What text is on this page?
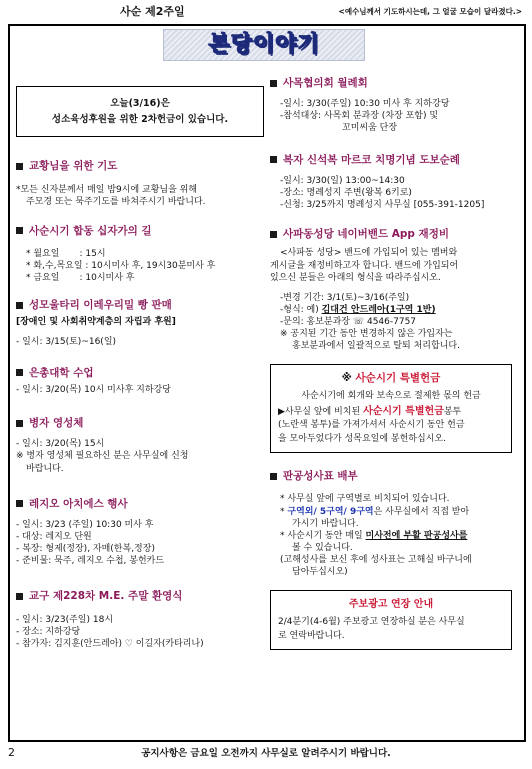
사순 제2주일	<예수님께서 기도하시는데, 그 얼굴 모습이 달라졌다.>
본당이야기
오늘(3/16)은
성소육성후원을 위한 2차헌금이 있습니다.
교황님을 위한 기도
*모든 신자분께서 매일 밤9시에 교황님을 위해
주모경 또는 묵주기도를 바쳐주시기 바랍니다.
사순시기 합동 십자가의 길
* 월요일       : 15시
* 화,수,목요일 : 10시미사 후, 19시30분미사 후
* 금요일       : 10시미사 후
성모울타리 이레우리밀 빵 판매
[장애인 및 사회취약계층의 자립과 후원]
- 일시: 3/15(토)~16(일)
은총대학 수업
- 일시: 3/20(목) 10시 미사후 지하강당
병자 영성체
- 일시: 3/20(목) 15시
※ 병자 영성체 필요하신 분은 사무실에 신청
바랍니다.
레지오 아치에스 행사
- 일시: 3/23 (주일) 10:30 미사 후
- 대상: 레지오 단원
- 복장: 형제(정장), 자매(한복,정장)
- 준비물: 묵주, 레지오 수첩, 봉헌카드
교구 제228차 M.E. 주말 환영식
- 일시: 3/23(주일) 18시
- 장소: 지하강당
- 참가자: 김지훈(안드레아) ♡ 이길자(카타리나)
사목협의회 월례회
-일시: 3/30(주일) 10:30 미사 후 지하강당
-참석대상: 사목회 분과장 (차장 포함) 및
꼬미씨움 단장
복자 신석복 마르코 치명기념 도보순례
-일시: 3/30(일) 13:00~14:30
-장소: 명례성지 주변(왕복 6키로)
-신청: 3/25까지 명례성지 사무실 [055-391-1205]
사파동성당 네이버밴드 App 재정비
<사파동 성당> 밴드에 가입되어 있는 멤버와
게시글을 재정비하고자 합니다. 밴드에 가입되어
있으신 분들은 아래의 형식을 따라주십시오.
-변경 기간: 3/1(토)~3/16(주일)
-형식: 예) 김대건 안드레아(1구역 1반)
-문의: 홍보분과장 ☏ 4546-7757
※ 공지된 기간 동안 변경하지 않은 가입자는
홍보분과에서 일괄적으로 탈퇴 처리합니다.
※ 사순시기 특별헌금
사순시기에 회개와 보속으로 절제한 몫의 헌금
▶사무실 앞에 비치된 사순시기 특별헌금봉투
(노란색 봉투)를 가져가셔서 사순시기 동안 헌금
을 모아두었다가 성목요일에 봉헌하십시오.
판공성사표 배부
* 사무실 앞에 구역별로 비치되어 있습니다.
* 구역외/ 5구역/ 9구역은 사무실에서 직접 받아
가시기 바랍니다.
* 사순시기 동안 매일 미사전에 부활 판공성사를
볼 수 있습니다.
(고해성사를 보신 후에 성사표는 고해실 바구니에
담아두십시오)
주보광고 연장 안내
2/4분기(4-6월) 주보광고 연장하실 분은 사무실
로 연락바랍니다.
2	공지사항은 금요일 오전까지 사무실로 알려주시기 바랍니다.
